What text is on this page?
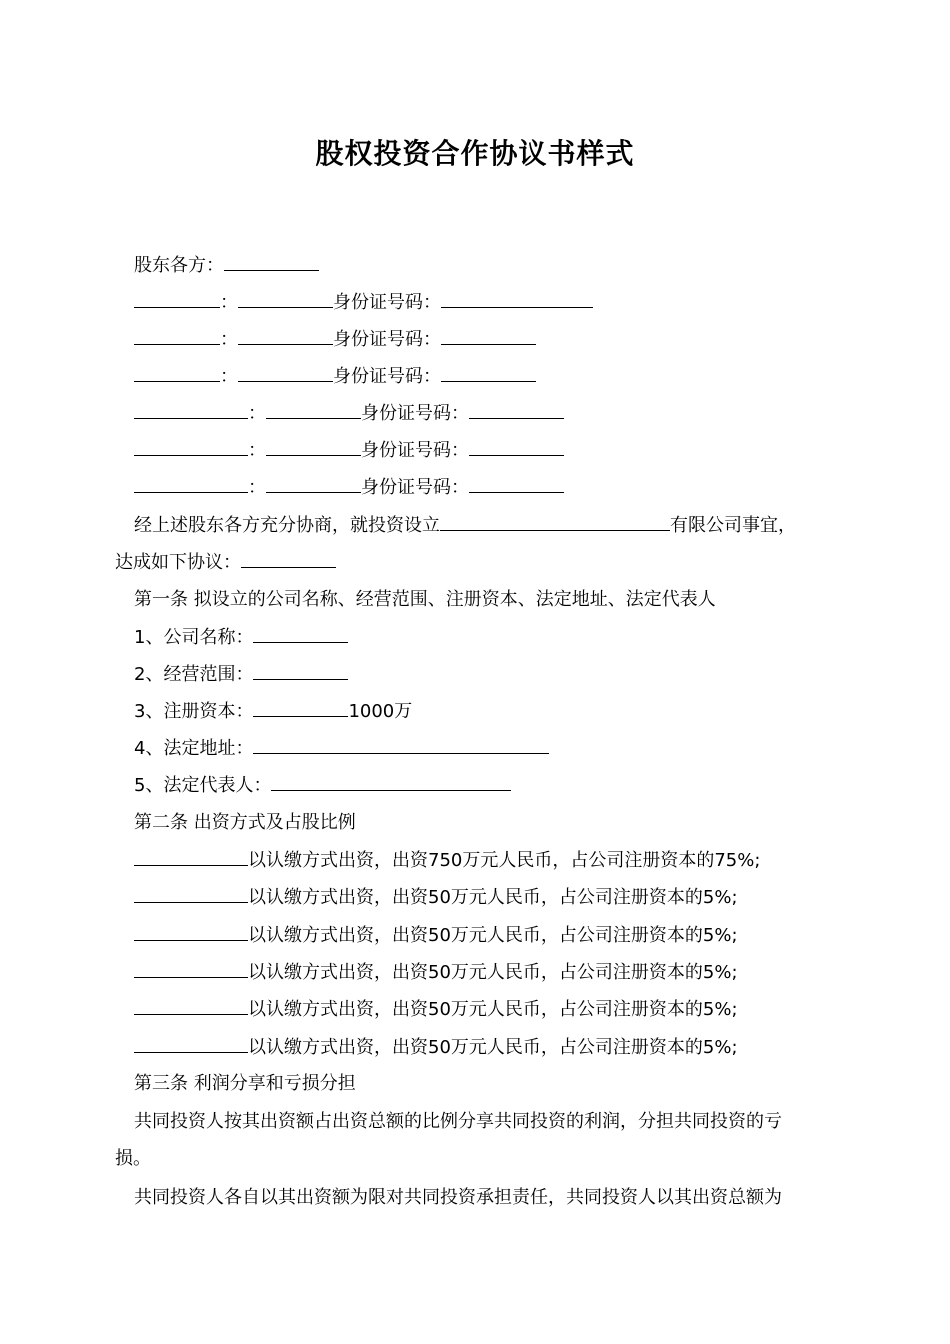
股权投资合作协议书样式
股东各方：
：	身份证号码：
：	身份证号码：
：	身份证号码：
：	身份证号码：
：	身份证号码：
：	身份证号码：
经上述股东各方充分协商，就投资设立	有限公司事宜，
达成如下协议：
第一条 拟设立的公司名称、经营范围、注册资本、法定地址、法定代表人
1、公司名称：
2、经营范围：
3、注册资本：	1000万
4、法定地址：
5、法定代表人：
第二条 出资方式及占股比例
以认缴方式出资，出资750万元人民币，占公司注册资本的75%;
以认缴方式出资，出资50万元人民币，占公司注册资本的5%;
以认缴方式出资，出资50万元人民币，占公司注册资本的5%;
以认缴方式出资，出资50万元人民币，占公司注册资本的5%;
以认缴方式出资，出资50万元人民币，占公司注册资本的5%;
以认缴方式出资，出资50万元人民币，占公司注册资本的5%;
第三条 利润分享和亏损分担
共同投资人按其出资额占出资总额的比例分享共同投资的利润，分担共同投资的亏
损。
共同投资人各自以其出资额为限对共同投资承担责任，共同投资人以其出资总额为
